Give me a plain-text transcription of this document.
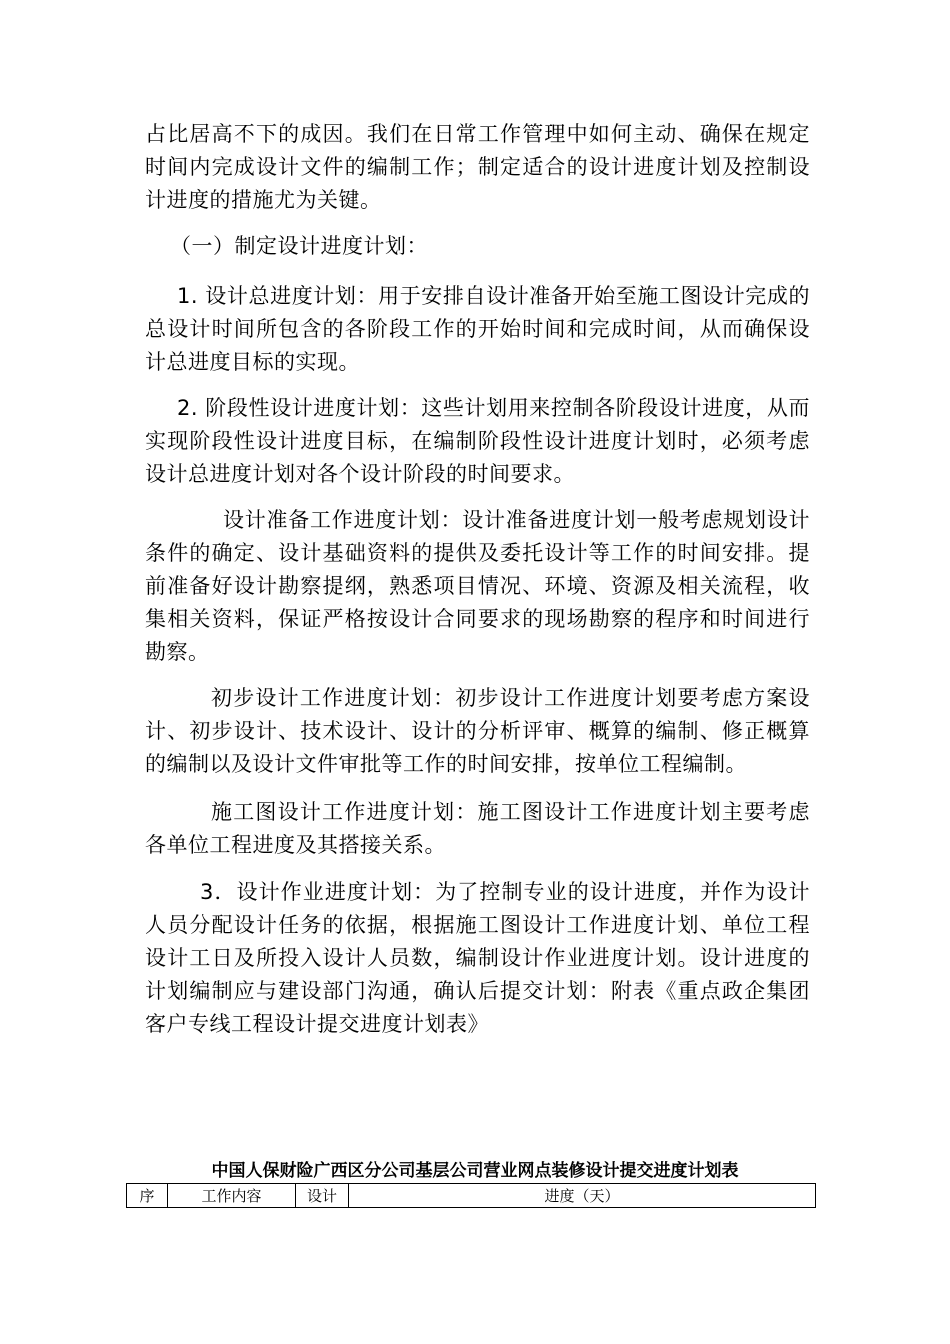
占比居高不下的成因。我们在日常工作管理中如何主动、确保在规定时间内完成设计文件的编制工作；制定适合的设计进度计划及控制设计进度的措施尤为关键。

（一）制定设计进度计划：

1. 设计总进度计划：用于安排自设计准备开始至施工图设计完成的总设计时间所包含的各阶段工作的开始时间和完成时间，从而确保设计总进度目标的实现。

2. 阶段性设计进度计划：这些计划用来控制各阶段设计进度，从而实现阶段性设计进度目标，在编制阶段性设计进度计划时，必须考虑设计总进度计划对各个设计阶段的时间要求。

设计准备工作进度计划：设计准备进度计划一般考虑规划设计条件的确定、设计基础资料的提供及委托设计等工作的时间安排。提前准备好设计勘察提纲，熟悉项目情况、环境、资源及相关流程，收集相关资料，保证严格按设计合同要求的现场勘察的程序和时间进行勘察。

初步设计工作进度计划：初步设计工作进度计划要考虑方案设计、初步设计、技术设计、设计的分析评审、概算的编制、修正概算的编制以及设计文件审批等工作的时间安排，按单位工程编制。

施工图设计工作进度计划：施工图设计工作进度计划主要考虑各单位工程进度及其搭接关系。

3．设计作业进度计划：为了控制专业的设计进度，并作为设计人员分配设计任务的依据，根据施工图设计工作进度计划、单位工程设计工日及所投入设计人员数，编制设计作业进度计划。设计进度的计划编制应与建设部门沟通，确认后提交计划：附表《重点政企集团客户专线工程设计提交进度计划表》

中国人保财险广西区分公司基层公司营业网点装修设计提交进度计划表

序	工作内容	设计	进度（天）
